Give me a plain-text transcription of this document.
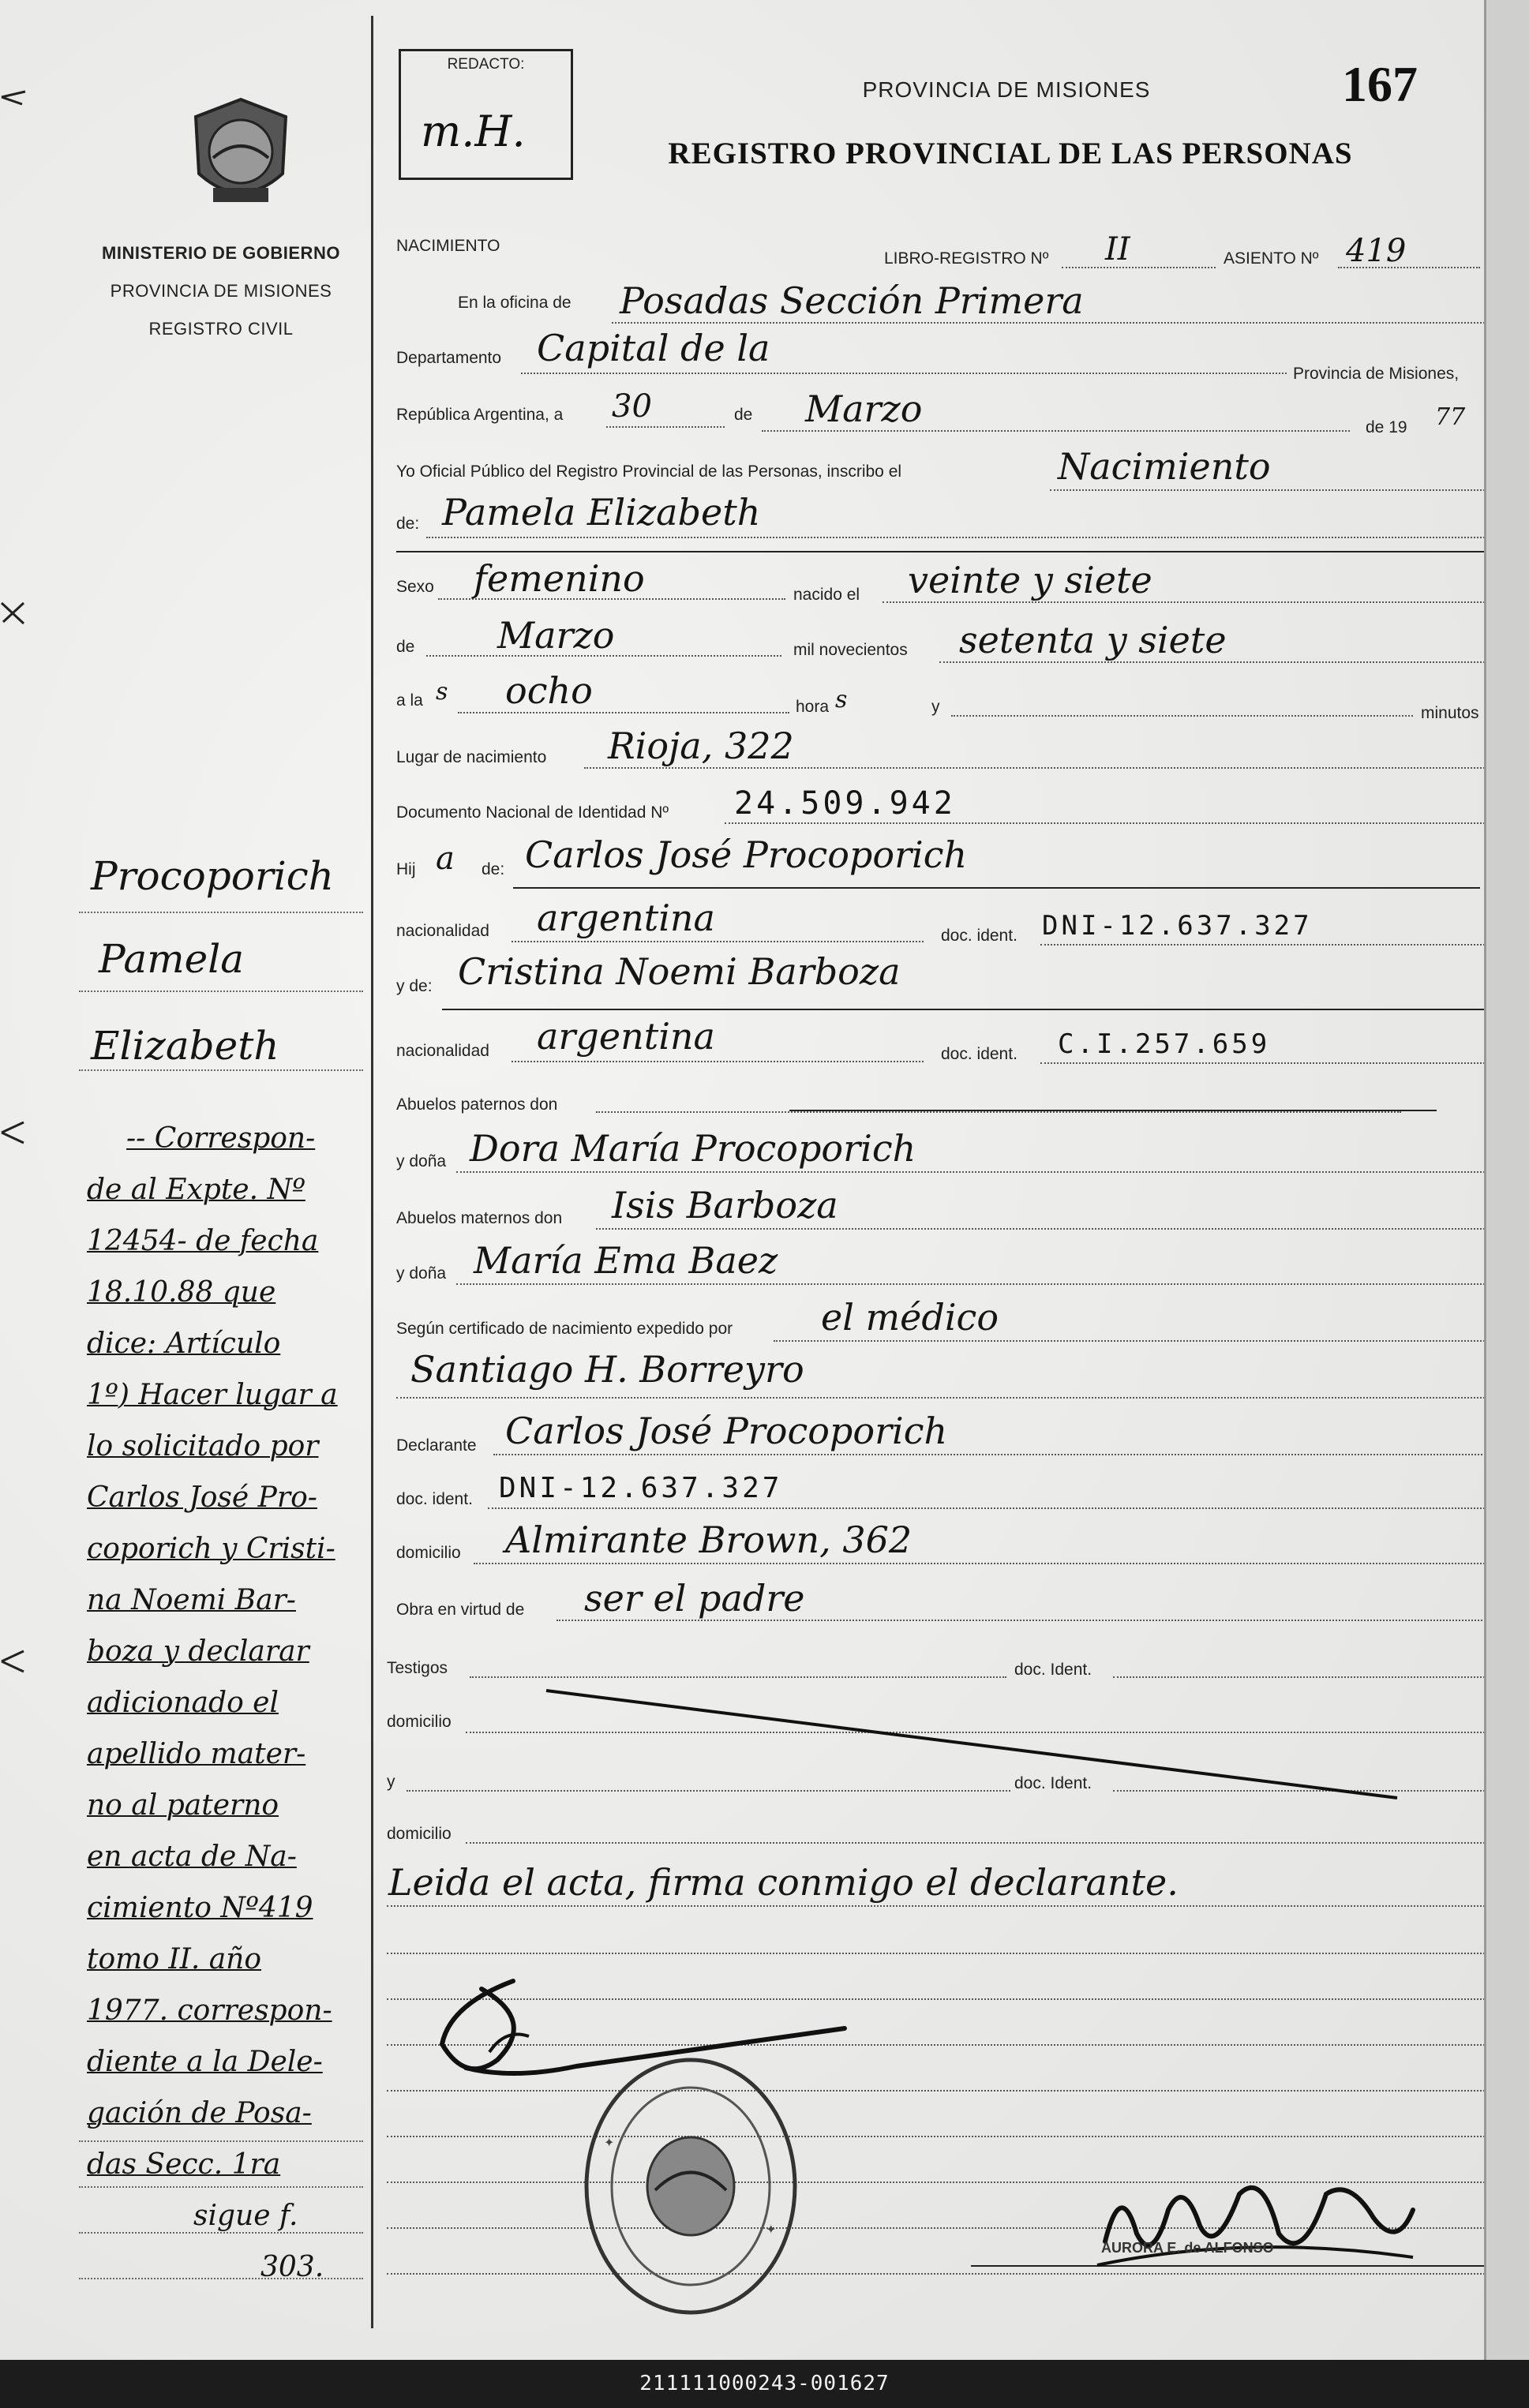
MINISTERIO DE GOBIERNO
PROVINCIA DE MISIONES
REGISTRO CIVIL
REDACTO:
m.H.
PROVINCIA DE MISIONES
REGISTRO PROVINCIAL DE LAS PERSONAS
167
NACIMIENTO
LIBRO-REGISTRO Nº II	ASIENTO Nº 419
En la oficina de Posadas Sección Primera
Departamento Capital de la
Provincia de Misiones,
República Argentina, a 30	de Marzo	de 19 77
Yo Oficial Público del Registro Provincial de las Personas, inscribo el	Nacimiento
de: Pamela Elizabeth
Sexo femenino	nacido el veinte y siete
de Marzo	mil novecientos setenta y siete
a la s ocho	hora s	y	minutos
Lugar de nacimiento Rioja, 322
Documento Nacional de Identidad Nº 24.509.942
Hij a de: Carlos José Procoporich
nacionalidad argentina	doc. ident. DNI-12.637.327
y de: Cristina Noemi Barboza
nacionalidad argentina	doc. ident. C.I.257.659
Abuelos paternos don
y doña Dora María Procoporich
Abuelos maternos don Isis Barboza
y doña María Ema Baez
Según certificado de nacimiento expedido por el médico
Santiago H. Borreyro
Declarante Carlos José Procoporich
doc. ident. DNI-12.637.327
domicilio Almirante Brown, 362
Obra en virtud de ser el padre
Testigos	doc. Ident.
domicilio
y	doc. Ident.
domicilio
Leida el acta, firma conmigo el declarante.
✦
✦
AURORA E. de ALFONSO
Procoporich
Pamela
Elizabeth
-- Correspon-
de al Expte. Nº
12454- de fecha
18.10.88 que
dice: Artículo
1º) Hacer lugar a
lo solicitado por
Carlos José Pro-
coporich y Cristi-
na Noemi Bar-
boza y declarar
adicionado el
apellido mater-
no al paterno
en acta de Na-
cimiento Nº419
tomo II. año
1977. correspon-
diente a la Dele-
gación de Posa-
das Secc. 1ra
sigue f.
303.
211111000243-001627
